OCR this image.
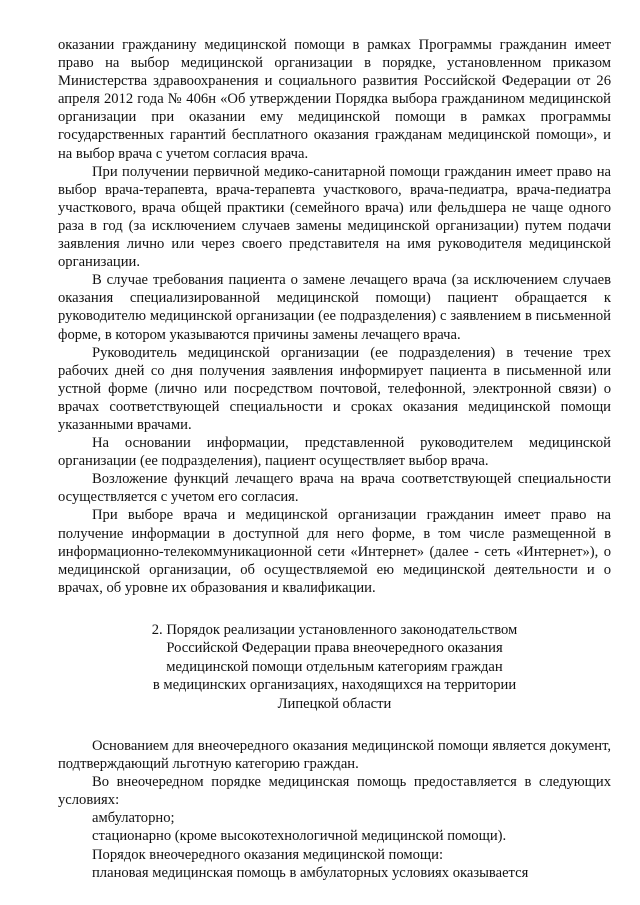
оказании гражданину медицинской помощи в рамках Программы гражданин имеет право на выбор медицинской организации в порядке, установленном приказом Министерства здравоохранения и социального развития Российской Федерации от 26 апреля 2012 года № 406н «Об утверждении Порядка выбора гражданином медицинской организации при оказании ему медицинской помощи в рамках программы государственных гарантий бесплатного оказания гражданам медицинской помощи», и на выбор врача с учетом согласия врача.

При получении первичной медико-санитарной помощи гражданин имеет право на выбор врача-терапевта, врача-терапевта участкового, врача-педиатра, врача-педиатра участкового, врача общей практики (семейного врача) или фельдшера не чаще одного раза в год (за исключением случаев замены медицинской организации) путем подачи заявления лично или через своего представителя на имя руководителя медицинской организации.

В случае требования пациента о замене лечащего врача (за исключением случаев оказания специализированной медицинской помощи) пациент обращается к руководителю медицинской организации (ее подразделения) с заявлением в письменной форме, в котором указываются причины замены лечащего врача.

Руководитель медицинской организации (ее подразделения) в течение трех рабочих дней со дня получения заявления информирует пациента в письменной или устной форме (лично или посредством почтовой, телефонной, электронной связи) о врачах соответствующей специальности и сроках оказания медицинской помощи указанными врачами.

На основании информации, представленной руководителем медицинской организации (ее подразделения), пациент осуществляет выбор врача.

Возложение функций лечащего врача на врача соответствующей специальности осуществляется с учетом его согласия.

При выборе врача и медицинской организации гражданин имеет право на получение информации в доступной для него форме, в том числе размещенной в информационно-телекоммуникационной сети «Интернет» (далее - сеть «Интернет»), о медицинской организации, об осуществляемой ею медицинской деятельности и о врачах, об уровне их образования и квалификации.

2. Порядок реализации установленного законодательством
Российской Федерации права внеочередного оказания
медицинской помощи отдельным категориям граждан
в медицинских организациях, находящихся на территории
Липецкой области

Основанием для внеочередного оказания медицинской помощи является документ, подтверждающий льготную категорию граждан.

Во внеочередном порядке медицинская помощь предоставляется в следующих условиях:

амбулаторно;

стационарно (кроме высокотехнологичной медицинской помощи).

Порядок внеочередного оказания медицинской помощи:

плановая медицинская помощь в амбулаторных условиях оказывается
